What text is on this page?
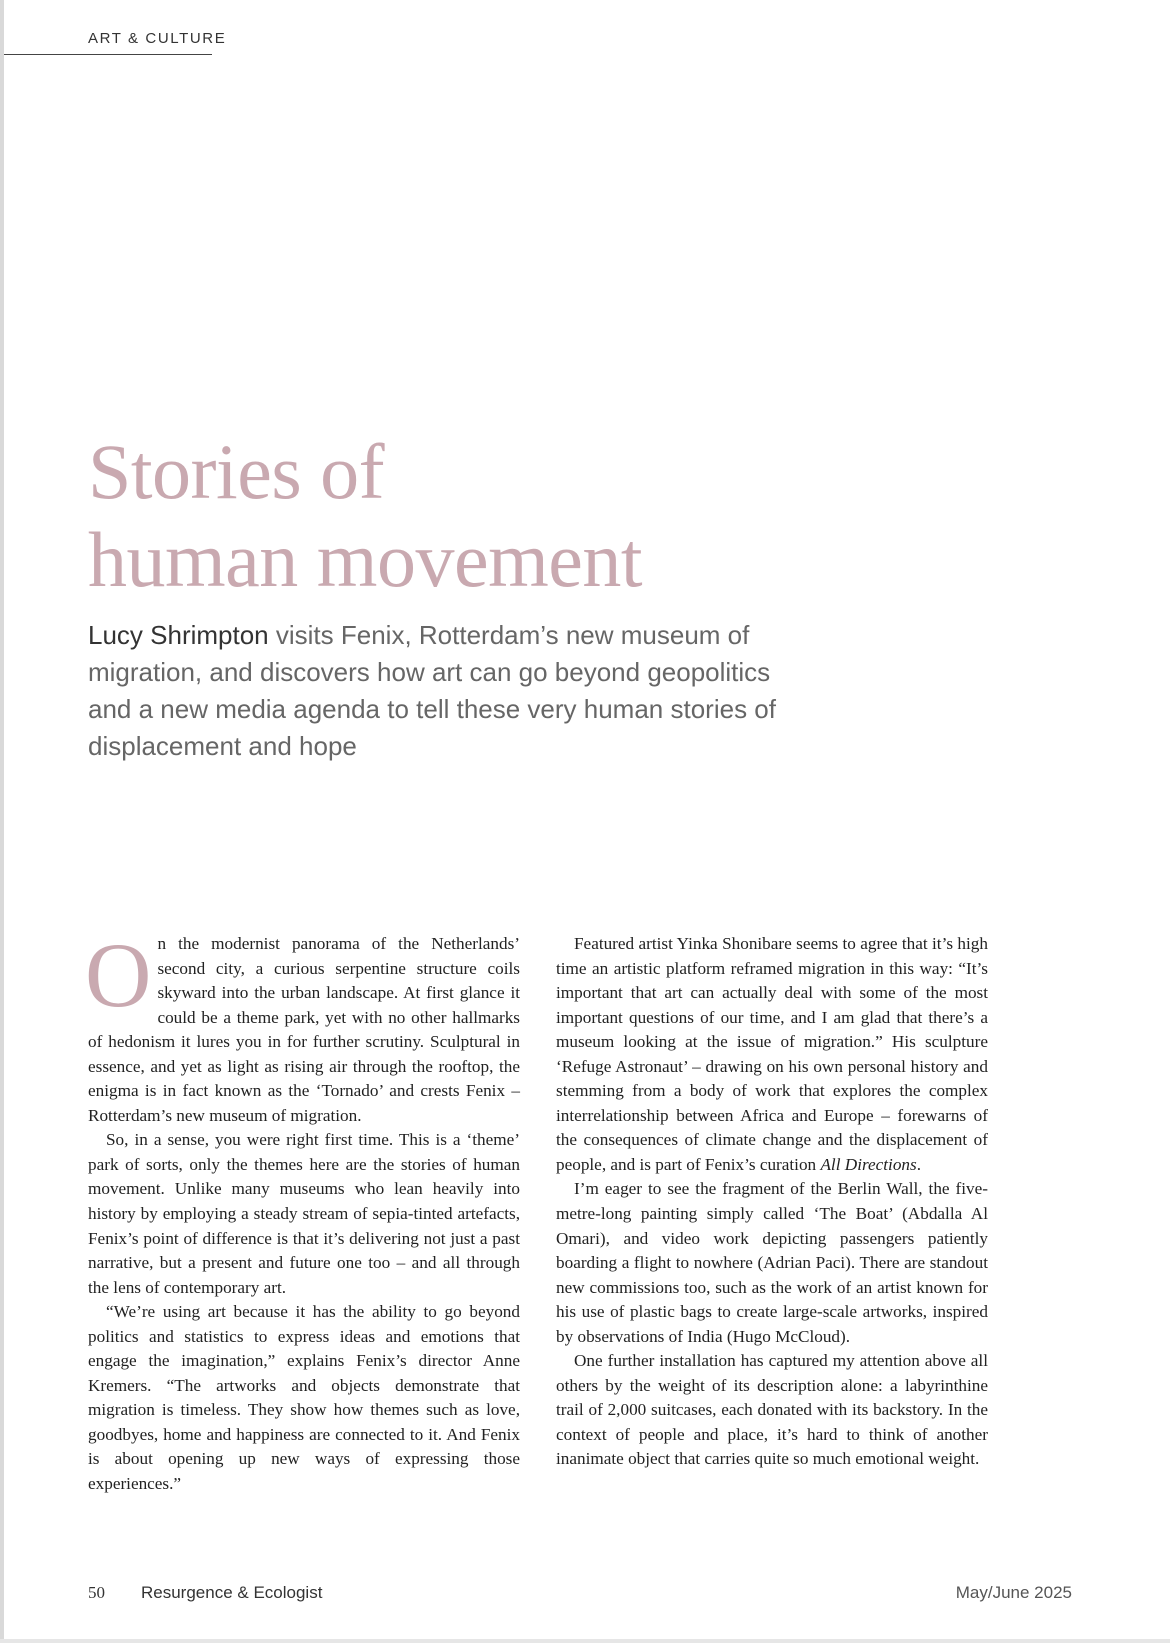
ART & CULTURE
Stories of
human movement
Lucy Shrimpton visits Fenix, Rotterdam’s new museum of migration, and discovers how art can go beyond geopolitics and a new media agenda to tell these very human stories of displacement and hope

On the modernist panorama of the Netherlands’ second city, a curious serpentine structure coils skyward into the urban landscape. At first glance it could be a theme park, yet with no other hallmarks of hedonism it lures you in for further scrutiny. Sculptural in essence, and yet as light as rising air through the rooftop, the enigma is in fact known as the ‘Tornado’ and crests Fenix – Rotterdam’s new museum of migration.

So, in a sense, you were right first time. This is a ‘theme’ park of sorts, only the themes here are the stories of human movement. Unlike many museums who lean heavily into history by employing a steady stream of sepia-tinted artefacts, Fenix’s point of difference is that it’s delivering not just a past narrative, but a present and future one too – and all through the lens of contemporary art.

“We’re using art because it has the ability to go beyond politics and statistics to express ideas and emotions that engage the imagination,” explains Fenix’s director Anne Kremers. “The artworks and objects demonstrate that migration is timeless. They show how themes such as love, goodbyes, home and happiness are connected to it. And Fenix is about opening up new ways of expressing those experiences.”

Featured artist Yinka Shonibare seems to agree that it’s high time an artistic platform reframed migration in this way: “It’s important that art can actually deal with some of the most important questions of our time, and I am glad that there’s a museum looking at the issue of migration.” His sculpture ‘Refuge Astronaut’ – drawing on his own personal history and stemming from a body of work that explores the complex interrelationship between Africa and Europe – forewarns of the consequences of climate change and the displacement of people, and is part of Fenix’s curation All Directions.

I’m eager to see the fragment of the Berlin Wall, the five-metre-long painting simply called ‘The Boat’ (Abdalla Al Omari), and video work depicting passengers patiently boarding a flight to nowhere (Adrian Paci). There are standout new commissions too, such as the work of an artist known for his use of plastic bags to create large-scale artworks, inspired by observations of India (Hugo McCloud).

One further installation has captured my attention above all others by the weight of its description alone: a labyrinthine trail of 2,000 suitcases, each donated with its backstory. In the context of people and place, it’s hard to think of another inanimate object that carries quite so much emotional weight.

50 Resurgence & Ecologist	May/June 2025
